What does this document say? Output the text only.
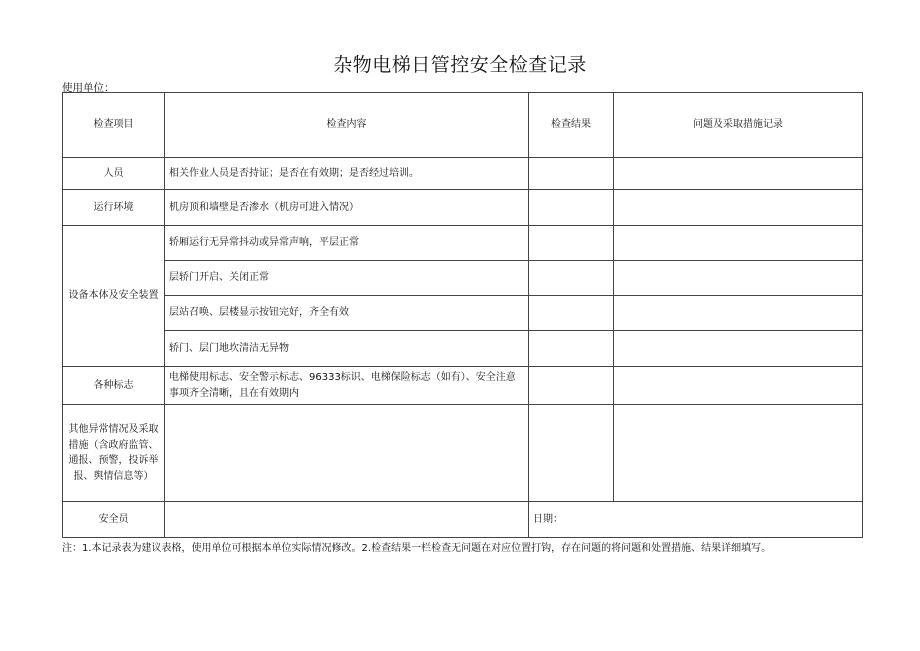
杂物电梯日管控安全检查记录
使用单位：
检查项目	检查内容	检查结果	问题及采取措施记录
人员	相关作业人员是否持证；是否在有效期；是否经过培训。		
运行环境	机房顶和墙壁是否渗水（机房可进入情况）		
设备本体及安全装置	轿厢运行无异常抖动或异常声响，平层正常		
	层轿门开启、关闭正常		
	层站召唤、层楼显示按钮完好，齐全有效		
	轿门、层门地坎清洁无异物		
各种标志	电梯使用标志、安全警示标志、96333标识、电梯保险标志（如有）、安全注意事项齐全清晰，且在有效期内		
其他异常情况及采取措施（含政府监管、通报、预警，投诉举报、舆情信息等）			
安全员		日期：	
注：1.本记录表为建议表格，使用单位可根据本单位实际情况修改。2.检查结果一栏检查无问题在对应位置打钩，存在问题的将问题和处置措施、结果详细填写。
